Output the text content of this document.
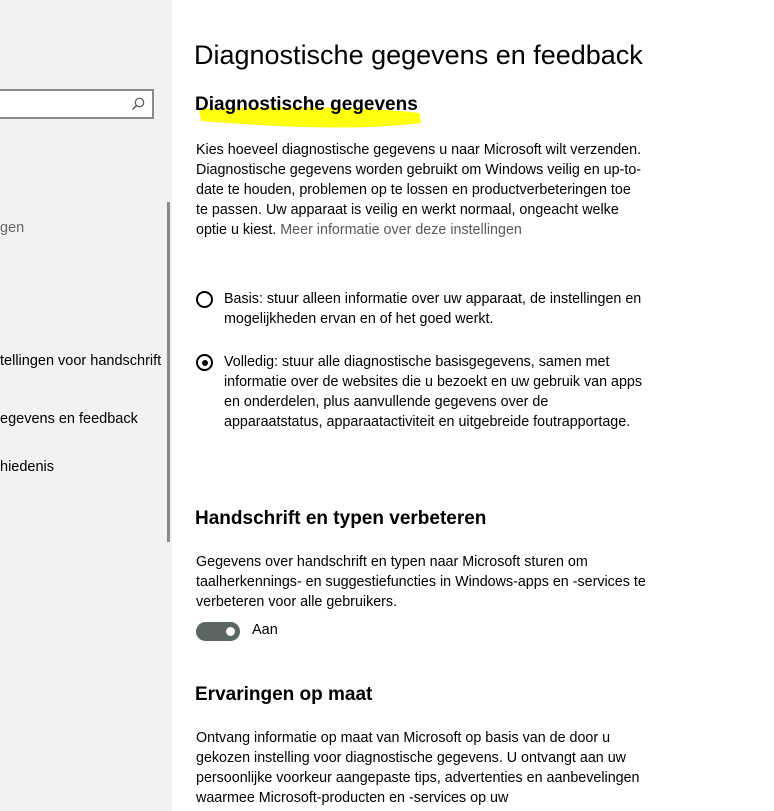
gen
tellingen voor handschrift
egevens en feedback
hiedenis
Diagnostische gegevens en feedback
Diagnostische gegevens

Kies hoeveel diagnostische gegevens u naar Microsoft wilt verzenden. Diagnostische gegevens worden gebruikt om Windows veilig en up-to-date te houden, problemen op te lossen en productverbeteringen toe te passen. Uw apparaat is veilig en werkt normaal, ongeacht welke optie u kiest. Meer informatie over deze instellingen

Basis: stuur alleen informatie over uw apparaat, de instellingen en mogelijkheden ervan en of het goed werkt.
Volledig: stuur alle diagnostische basisgegevens, samen met informatie over de websites die u bezoekt en uw gebruik van apps en onderdelen, plus aanvullende gegevens over de apparaatstatus, apparaatactiviteit en uitgebreide foutrapportage.
Handschrift en typen verbeteren

Gegevens over handschrift en typen naar Microsoft sturen om taalherkennings- en suggestiefuncties in Windows-apps en -services te verbeteren voor alle gebruikers.

Aan
Ervaringen op maat

Ontvang informatie op maat van Microsoft op basis van de door u gekozen instelling voor diagnostische gegevens. U ontvangt aan uw persoonlijke voorkeur aangepaste tips, advertenties en aanbevelingen waarmee Microsoft-producten en -services op uw
